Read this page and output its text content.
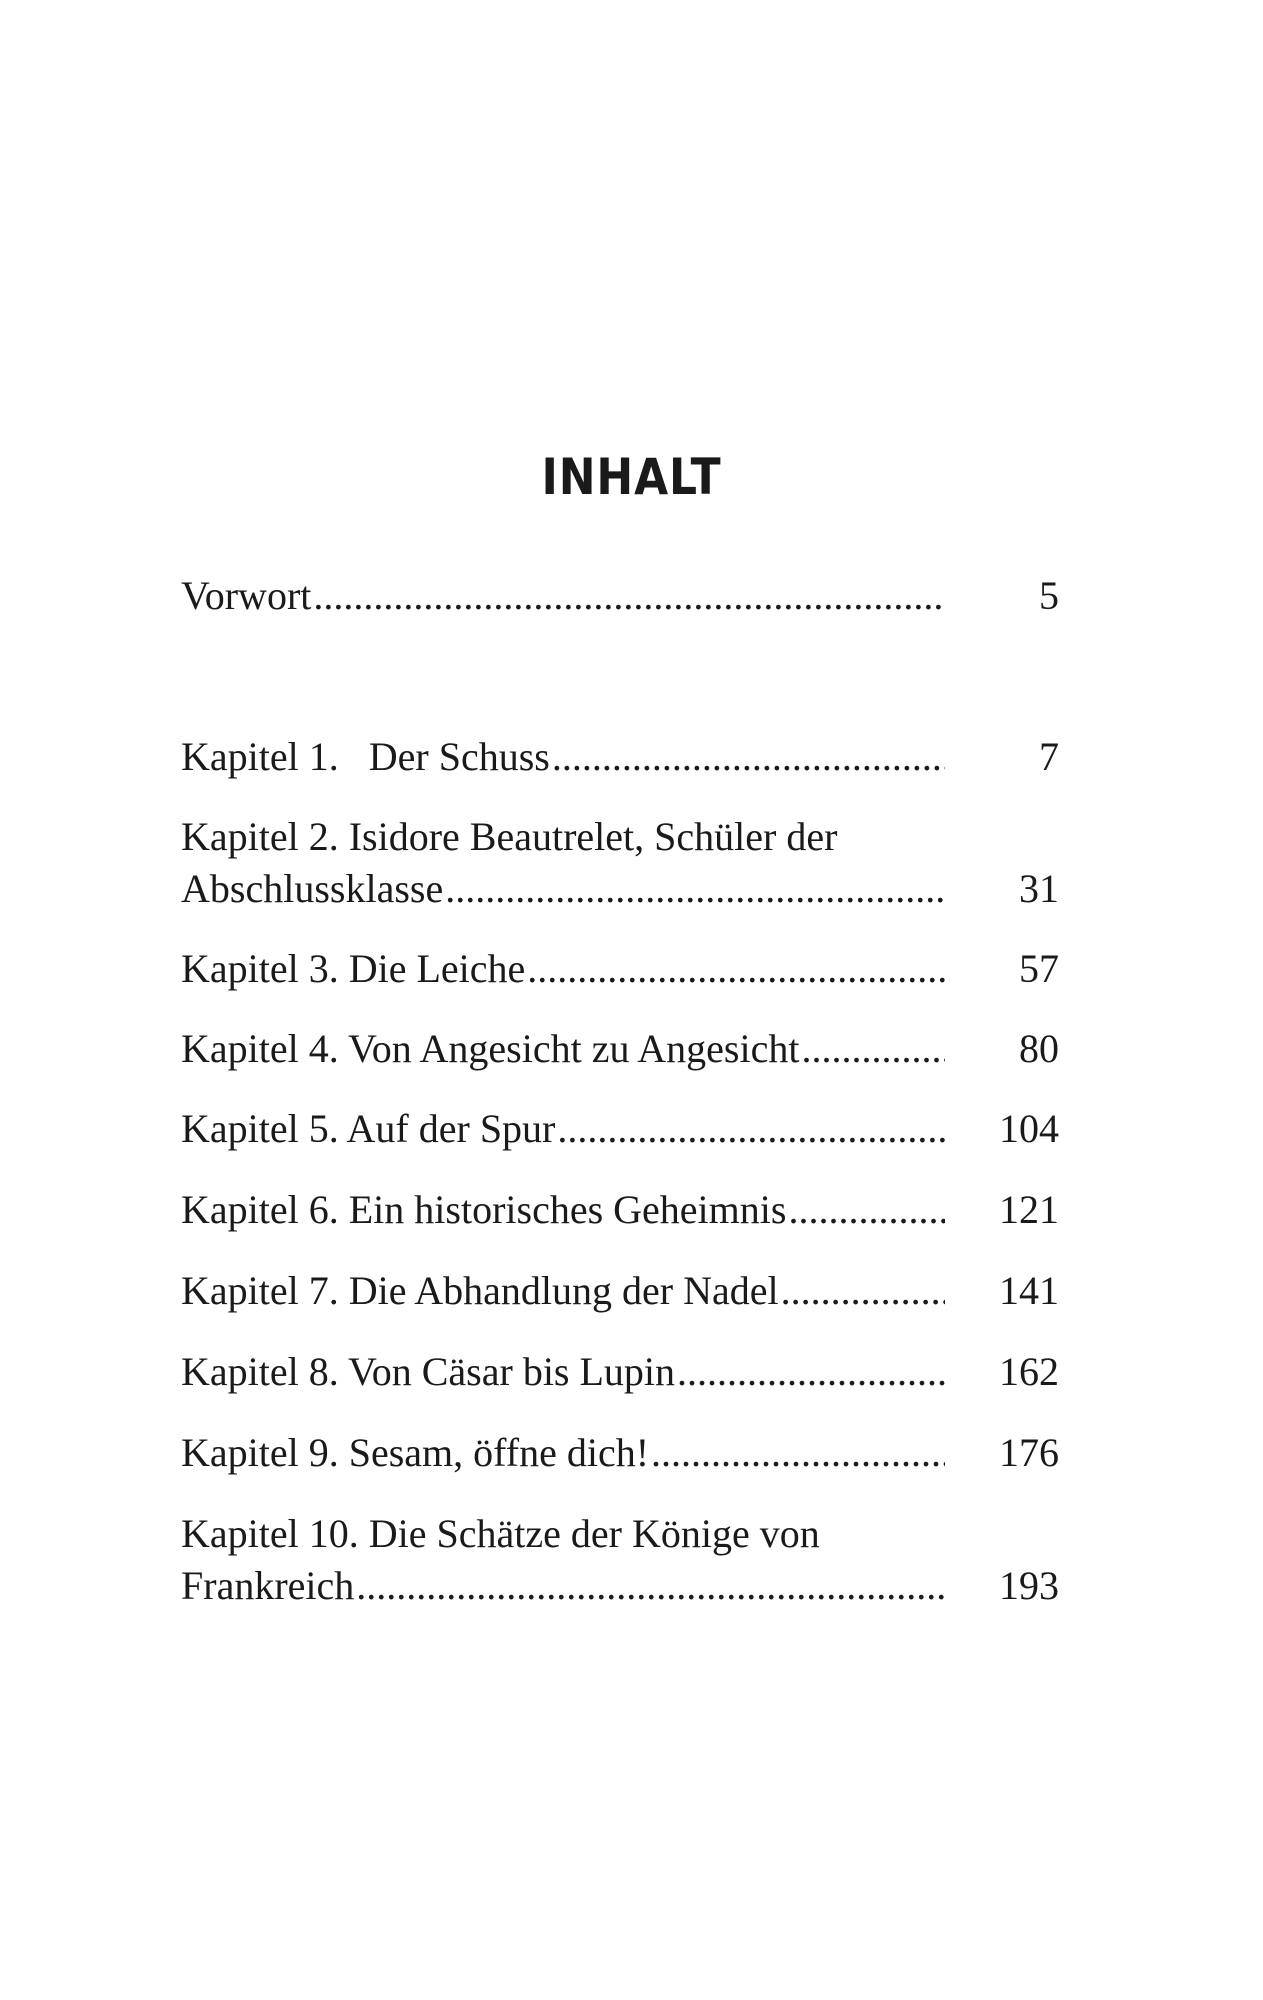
INHALT
Vorwort .....	5
Kapitel 1. Der Schuss .....	7
Kapitel 2. Isidore Beautrelet, Schüler der
Abschlussklasse .....	31
Kapitel 3. Die Leiche .....	57
Kapitel 4. Von Angesicht zu Angesicht .....	80
Kapitel 5. Auf der Spur .....	104
Kapitel 6. Ein historisches Geheimnis .....	121
Kapitel 7. Die Abhandlung der Nadel .....	141
Kapitel 8. Von Cäsar bis Lupin .....	162
Kapitel 9. Sesam, öffne dich! .....	176
Kapitel 10. Die Schätze der Könige von
Frankreich .....	193
